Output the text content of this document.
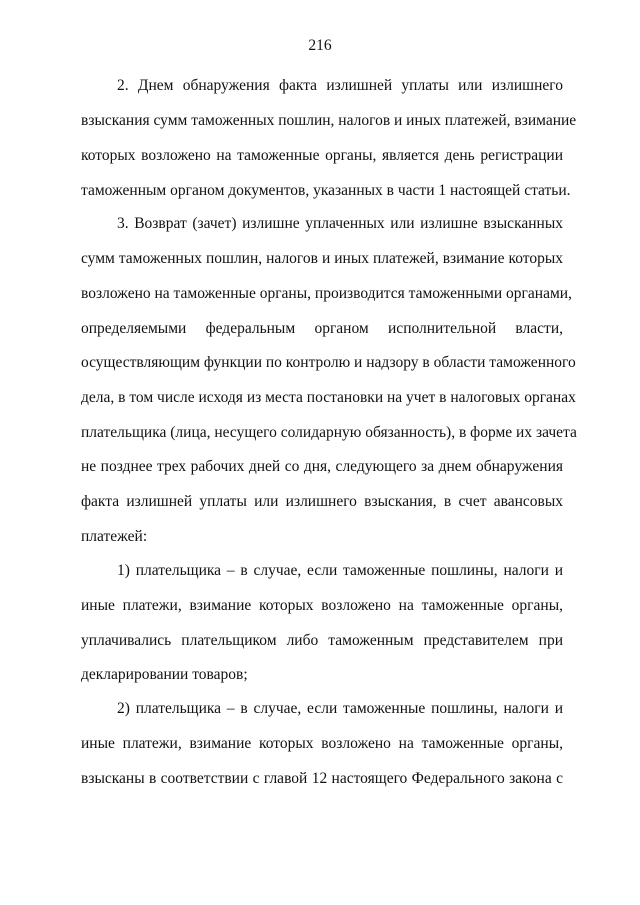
216
2. Днем обнаружения факта излишней уплаты или излишнего
взыскания сумм таможенных пошлин, налогов и иных платежей, взимание
которых возложено на таможенные органы, является день регистрации
таможенным органом документов, указанных в части 1 настоящей статьи.
3. Возврат (зачет) излишне уплаченных или излишне взысканных
сумм таможенных пошлин, налогов и иных платежей, взимание которых
возложено на таможенные органы, производится таможенными органами,
определяемыми федеральным органом исполнительной власти,
осуществляющим функции по контролю и надзору в области таможенного
дела, в том числе исходя из места постановки на учет в налоговых органах
плательщика (лица, несущего солидарную обязанность), в форме их зачета
не позднее трех рабочих дней со дня, следующего за днем обнаружения
факта излишней уплаты или излишнего взыскания, в счет авансовых
платежей:
1) плательщика – в случае, если таможенные пошлины, налоги и
иные платежи, взимание которых возложено на таможенные органы,
уплачивались плательщиком либо таможенным представителем при
декларировании товаров;
2) плательщика – в случае, если таможенные пошлины, налоги и
иные платежи, взимание которых возложено на таможенные органы,
взысканы в соответствии с главой 12 настоящего Федерального закона с
